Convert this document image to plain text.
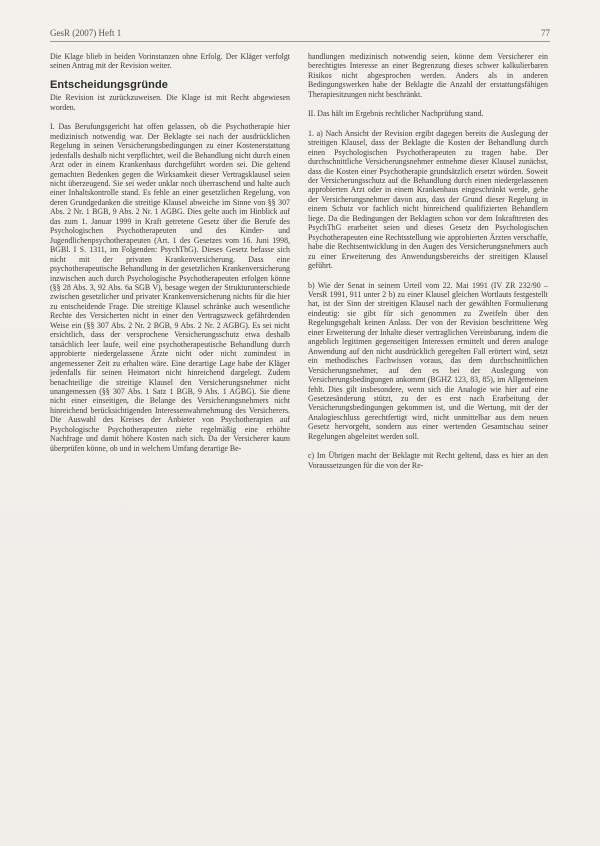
GesR (2007) Heft 1	77

Die Klage blieb in beiden Vorinstanzen ohne Erfolg. Der Kläger verfolgt seinen Antrag mit der Revision weiter.

Entscheidungsgründe

Die Revision ist zurückzuweisen. Die Klage ist mit Recht abgewiesen worden.

I. Das Berufungsgericht hat offen gelassen, ob die Psychotherapie hier medizinisch notwendig war. Der Beklagte sei nach der ausdrücklichen Regelung in seinen Versicherungsbedingungen zu einer Kostenerstattung jedenfalls deshalb nicht verpflichtet, weil die Behandlung nicht durch einen Arzt oder in einem Krankenhaus durchgeführt worden sei. Die geltend gemachten Bedenken gegen die Wirksamkeit dieser Vertragsklausel seien nicht überzeugend. Sie sei weder unklar noch überraschend und halte auch einer Inhaltskontrolle stand. Es fehle an einer gesetzlichen Regelung, von deren Grundgedanken die streitige Klausel abweiche im Sinne von §§ 307 Abs. 2 Nr. 1 BGB, 9 Abs. 2 Nr. 1 AGBG. Dies gelte auch im Hinblick auf das zum 1. Januar 1999 in Kraft getretene Gesetz über die Berufe des Psychologischen Psychotherapeuten und des Kinder- und Jugendlichenpsychotherapeuten (Art. 1 des Gesetzes vom 16. Juni 1998, BGBl. I S. 1311, im Folgenden: PsychThG). Dieses Gesetz befasse sich nicht mit der privaten Krankenversicherung. Dass eine psychotherapeutische Behandlung in der gesetzlichen Krankenversicherung inzwischen auch durch Psychologische Psychotherapeuten erfolgen könne (§§ 28 Abs. 3, 92 Abs. 6a SGB V), besage wegen der Strukturunterschiede zwischen gesetzlicher und privater Krankenversicherung nichts für die hier zu entscheidende Frage. Die streitige Klausel schränke auch wesentliche Rechte des Versicherten nicht in einer den Vertragszweck gefährdenden Weise ein (§§ 307 Abs. 2 Nr. 2 BGB, 9 Abs. 2 Nr. 2 AGBG). Es sei nicht ersichtlich, dass der versprochene Versicherungsschutz etwa deshalb tatsächlich leer laufe, weil eine psychotherapeutische Behandlung durch approbierte niedergelassene Ärzte nicht oder nicht zumindest in angemessener Zeit zu erhalten wäre. Eine derartige Lage habe der Kläger jedenfalls für seinen Heimatort nicht hinreichend dargelegt. Zudem benachteilige die streitige Klausel den Versicherungsnehmer nicht unangemessen (§§ 307 Abs. 1 Satz 1 BGB, 9 Abs. 1 AGBG). Sie diene nicht einer einseitigen, die Belange des Versicherungsnehmers nicht hinreichend berücksichtigenden Interessenwahrnehmung des Versicherers. Die Auswahl des Kreises der Anbieter von Psychotherapien auf Psychologische Psychotherapeuten ziehe regelmäßig eine erhöhte Nachfrage und damit höhere Kosten nach sich. Da der Versicherer kaum überprüfen könne, ob und in welchem Umfang derartige Be-

handlungen medizinisch notwendig seien, könne dem Versicherer ein berechtigtes Interesse an einer Begrenzung dieses schwer kalkulierbaren Risikos nicht abgesprochen werden. Anders als in anderen Bedingungswerken habe der Beklagte die Anzahl der erstattungsfähigen Therapiesitzungen nicht beschränkt.

II. Das hält im Ergebnis rechtlicher Nachprüfung stand.

1. a) Nach Ansicht der Revision ergibt dagegen bereits die Auslegung der streitigen Klausel, dass der Beklagte die Kosten der Behandlung durch einen Psychologischen Psychotherapeuten zu tragen habe. Der durchschnittliche Versicherungsnehmer entnehme dieser Klausel zunächst, dass die Kosten einer Psychotherapie grundsätzlich ersetzt würden. Soweit der Versicherungsschutz auf die Behandlung durch einen niedergelassenen approbierten Arzt oder in einem Krankenhaus eingeschränkt werde, gehe der Versicherungsnehmer davon aus, dass der Grund dieser Regelung in einem Schutz vor fachlich nicht hinreichend qualifizierten Behandlern liege. Da die Bedingungen der Beklagten schon vor dem Inkrafttreten des PsychThG erarbeitet seien und dieses Gesetz den Psychologischen Psychotherapeuten eine Rechtsstellung wie approbierten Ärzten verschaffe, habe die Rechtsentwicklung in den Augen des Versicherungsnehmers auch zu einer Erweiterung des Anwendungsbereichs der streitigen Klausel geführt.

b) Wie der Senat in seinem Urteil vom 22. Mai 1991 (IV ZR 232/90 – VersR 1991, 911 unter 2 b) zu einer Klausel gleichen Wortlauts festgestellt hat, ist der Sinn der streitigen Klausel nach der gewählten Formulierung eindeutig: sie gibt für sich genommen zu Zweifeln über den Regelungsgehalt keinen Anlass. Der von der Revision beschrittene Weg einer Erweiterung der Inhalte dieser vertraglichen Vereinbarung, indem die angeblich legitimen gegenseitigen Interessen ermittelt und deren analoge Anwendung auf den nicht ausdrücklich geregelten Fall erörtert wird, setzt ein methodisches Fachwissen voraus, das dem durchschnittlichen Versicherungsnehmer, auf den es bei der Auslegung von Versicherungsbedingungen ankommt (BGHZ 123, 83, 85), im Allgemeinen fehlt. Dies gilt insbesondere, wenn sich die Analogie wie hier auf eine Gesetzesänderung stützt, zu der es erst nach Erarbeitung der Versicherungsbedingungen gekommen ist, und die Wertung, mit der der Analogieschluss gerechtfertigt wird, nicht unmittelbar aus dem neuen Gesetz hervorgeht, sondern aus einer wertenden Gesamtschau seiner Regelungen abgeleitet werden soll.

c) Im Übrigen macht der Beklagte mit Recht geltend, dass es hier an den Voraussetzungen für die von der Re-
